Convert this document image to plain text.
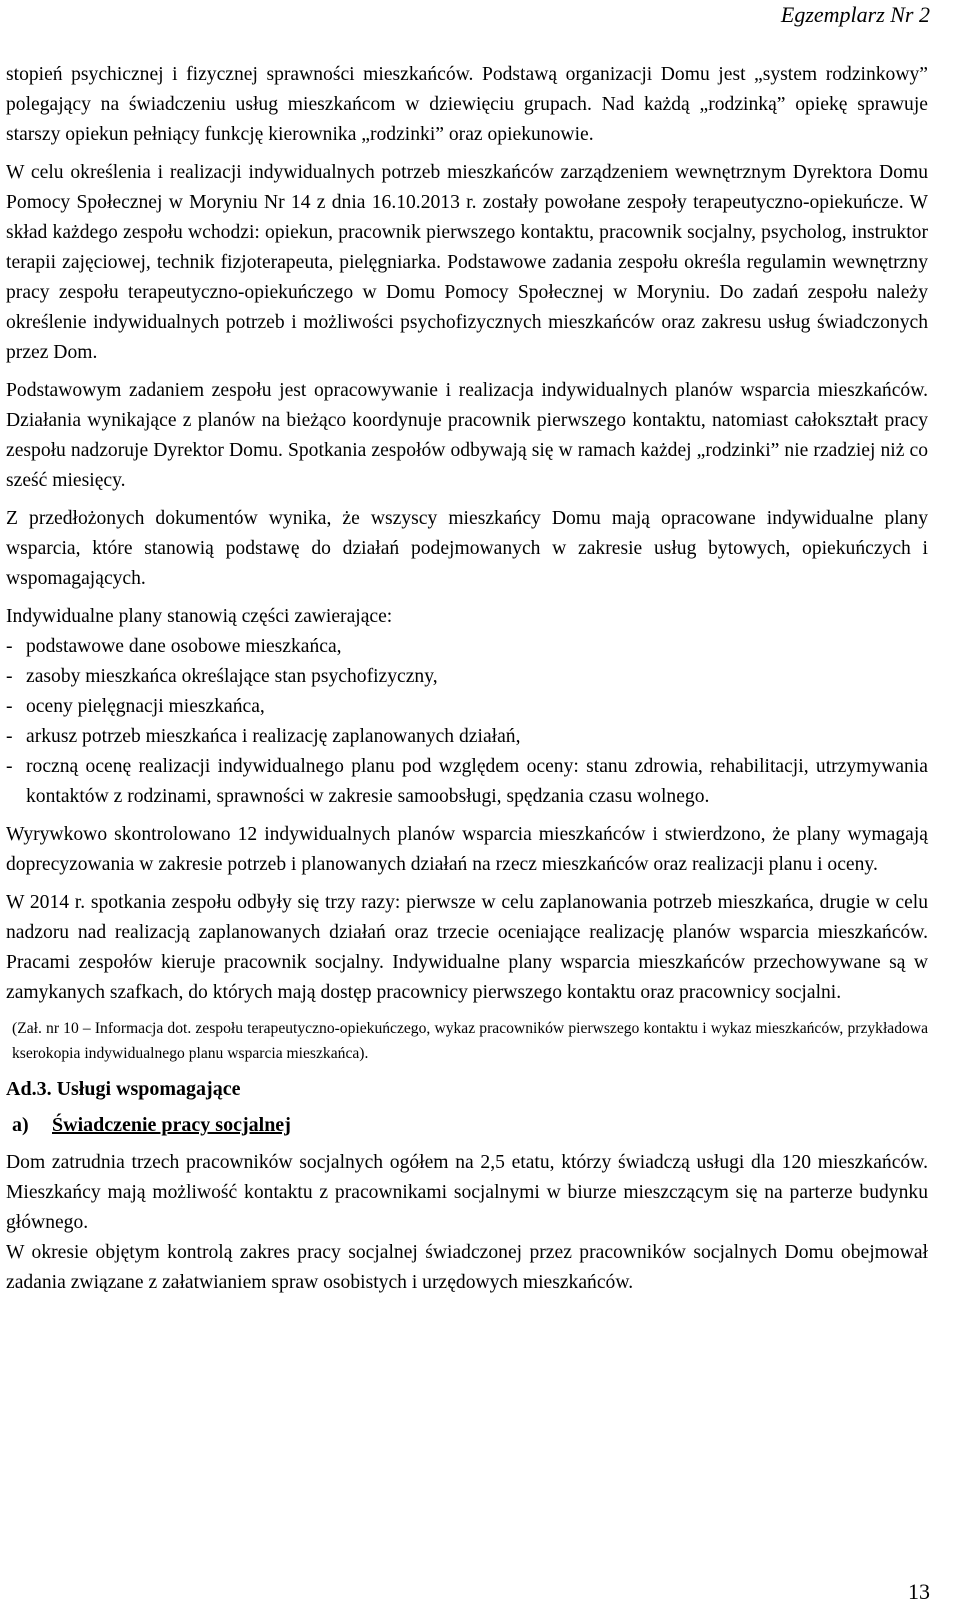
Egzemplarz Nr 2

stopień psychicznej i fizycznej sprawności mieszkańców. Podstawą organizacji Domu jest „system rodzinkowy” polegający na świadczeniu usług mieszkańcom w dziewięciu grupach. Nad każdą „rodzinką” opiekę sprawuje starszy opiekun pełniący funkcję kierownika „rodzinki” oraz opiekunowie.

W celu określenia i realizacji indywidualnych potrzeb mieszkańców zarządzeniem wewnętrznym Dyrektora Domu Pomocy Społecznej w Moryniu Nr 14 z dnia 16.10.2013 r. zostały powołane zespoły terapeutyczno-opiekuńcze. W skład każdego zespołu wchodzi: opiekun, pracownik pierwszego kontaktu, pracownik socjalny, psycholog, instruktor terapii zajęciowej, technik fizjoterapeuta, pielęgniarka. Podstawowe zadania zespołu określa regulamin wewnętrzny pracy zespołu terapeutyczno-opiekuńczego w Domu Pomocy Społecznej w Moryniu. Do zadań zespołu należy określenie indywidualnych potrzeb i możliwości psychofizycznych mieszkańców oraz zakresu usług świadczonych przez Dom.

Podstawowym zadaniem zespołu jest opracowywanie i realizacja indywidualnych planów wsparcia mieszkańców. Działania wynikające z planów na bieżąco koordynuje pracownik pierwszego kontaktu, natomiast całokształt pracy zespołu nadzoruje Dyrektor Domu. Spotkania zespołów odbywają się w ramach każdej „rodzinki” nie rzadziej niż co sześć miesięcy.

Z przedłożonych dokumentów wynika, że wszyscy mieszkańcy Domu mają opracowane indywidualne plany wsparcia, które stanowią podstawę do działań podejmowanych w zakresie usług bytowych, opiekuńczych i wspomagających.

Indywidualne plany stanowią części zawierające:

- podstawowe dane osobowe mieszkańca,
- zasoby mieszkańca określające stan psychofizyczny,
- oceny pielęgnacji mieszkańca,
- arkusz potrzeb mieszkańca i realizację zaplanowanych działań,
- roczną ocenę realizacji indywidualnego planu pod względem oceny: stanu zdrowia, rehabilitacji, utrzymywania kontaktów z rodzinami, sprawności w zakresie samoobsługi, spędzania czasu wolnego.

Wyrywkowo skontrolowano 12 indywidualnych planów wsparcia mieszkańców i stwierdzono, że plany wymagają doprecyzowania w zakresie potrzeb i planowanych działań na rzecz mieszkańców oraz realizacji planu i oceny.

W 2014 r. spotkania zespołu odbyły się trzy razy: pierwsze w celu zaplanowania potrzeb mieszkańca, drugie w celu nadzoru nad realizacją zaplanowanych działań oraz trzecie oceniające realizację planów wsparcia mieszkańców. Pracami zespołów kieruje pracownik socjalny. Indywidualne plany wsparcia mieszkańców przechowywane są w zamykanych szafkach, do których mają dostęp pracownicy pierwszego kontaktu oraz pracownicy socjalni.

(Zał. nr 10 – Informacja dot. zespołu terapeutyczno-opiekuńczego, wykaz pracowników pierwszego kontaktu i wykaz mieszkańców, przykładowa kserokopia indywidualnego planu wsparcia mieszkańca).

Ad.3. Usługi wspomagające
a) Świadczenie pracy socjalnej

Dom zatrudnia trzech pracowników socjalnych ogółem na 2,5 etatu, którzy świadczą usługi dla 120 mieszkańców. Mieszkańcy mają możliwość kontaktu z pracownikami socjalnymi w biurze mieszczącym się na parterze budynku głównego.

W okresie objętym kontrolą zakres pracy socjalnej świadczonej przez pracowników socjalnych Domu obejmował zadania związane z załatwianiem spraw osobistych i urzędowych mieszkańców.

13
